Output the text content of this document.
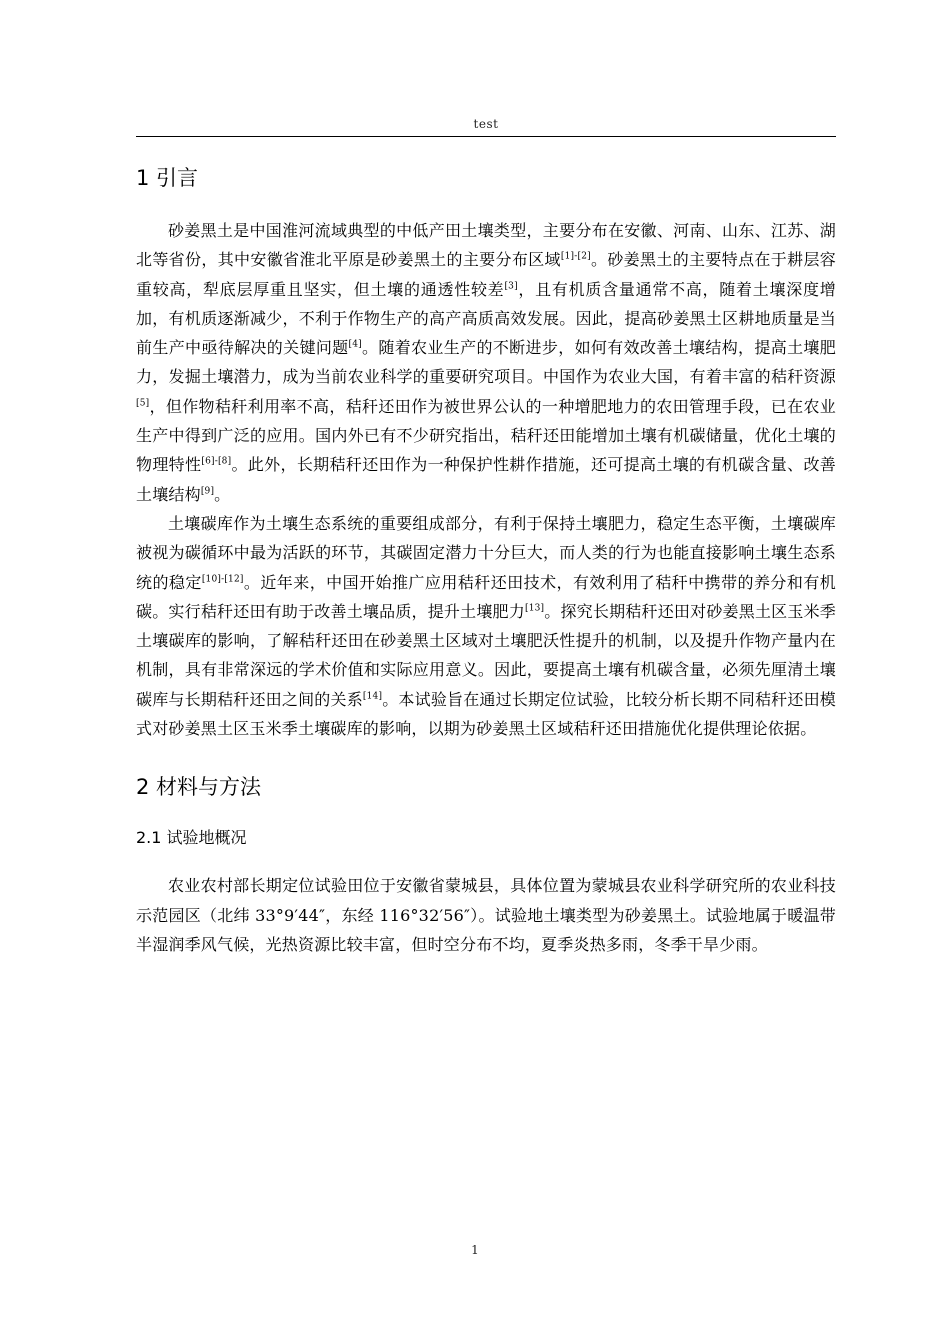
test
1 引言

砂姜黑土是中国淮河流域典型的中低产田土壤类型，主要分布在安徽、河南、山东、江苏、湖北等省份，其中安徽省淮北平原是砂姜黑土的主要分布区域[1]-[2]。砂姜黑土的主要特点在于耕层容重较高，犁底层厚重且坚实，但土壤的通透性较差[3]，且有机质含量通常不高，随着土壤深度增加，有机质逐渐减少，不利于作物生产的高产高质高效发展。因此，提高砂姜黑土区耕地质量是当前生产中亟待解决的关键问题[4]。随着农业生产的不断进步，如何有效改善土壤结构，提高土壤肥力，发掘土壤潜力，成为当前农业科学的重要研究项目。中国作为农业大国，有着丰富的秸秆资源[5]，但作物秸秆利用率不高，秸秆还田作为被世界公认的一种增肥地力的农田管理手段，已在农业生产中得到广泛的应用。国内外已有不少研究指出，秸秆还田能增加土壤有机碳储量，优化土壤的物理特性[6]-[8]。此外，长期秸秆还田作为一种保护性耕作措施，还可提高土壤的有机碳含量、改善土壤结构[9]。

土壤碳库作为土壤生态系统的重要组成部分，有利于保持土壤肥力，稳定生态平衡，土壤碳库被视为碳循环中最为活跃的环节，其碳固定潜力十分巨大，而人类的行为也能直接影响土壤生态系统的稳定[10]-[12]。近年来，中国开始推广应用秸秆还田技术，有效利用了秸秆中携带的养分和有机碳。实行秸秆还田有助于改善土壤品质，提升土壤肥力[13]。探究长期秸秆还田对砂姜黑土区玉米季土壤碳库的影响，了解秸秆还田在砂姜黑土区域对土壤肥沃性提升的机制，以及提升作物产量内在机制，具有非常深远的学术价值和实际应用意义。因此，要提高土壤有机碳含量，必须先厘清土壤碳库与长期秸秆还田之间的关系[14]。本试验旨在通过长期定位试验，比较分析长期不同秸秆还田模式对砂姜黑土区玉米季土壤碳库的影响，以期为砂姜黑土区域秸秆还田措施优化提供理论依据。

2 材料与方法
2.1 试验地概况

农业农村部长期定位试验田位于安徽省蒙城县，具体位置为蒙城县农业科学研究所的农业科技示范园区（北纬 33°9′44″，东经 116°32′56″）。试验地土壤类型为砂姜黑土。试验地属于暖温带半湿润季风气候，光热资源比较丰富，但时空分布不均，夏季炎热多雨，冬季干旱少雨。

1
